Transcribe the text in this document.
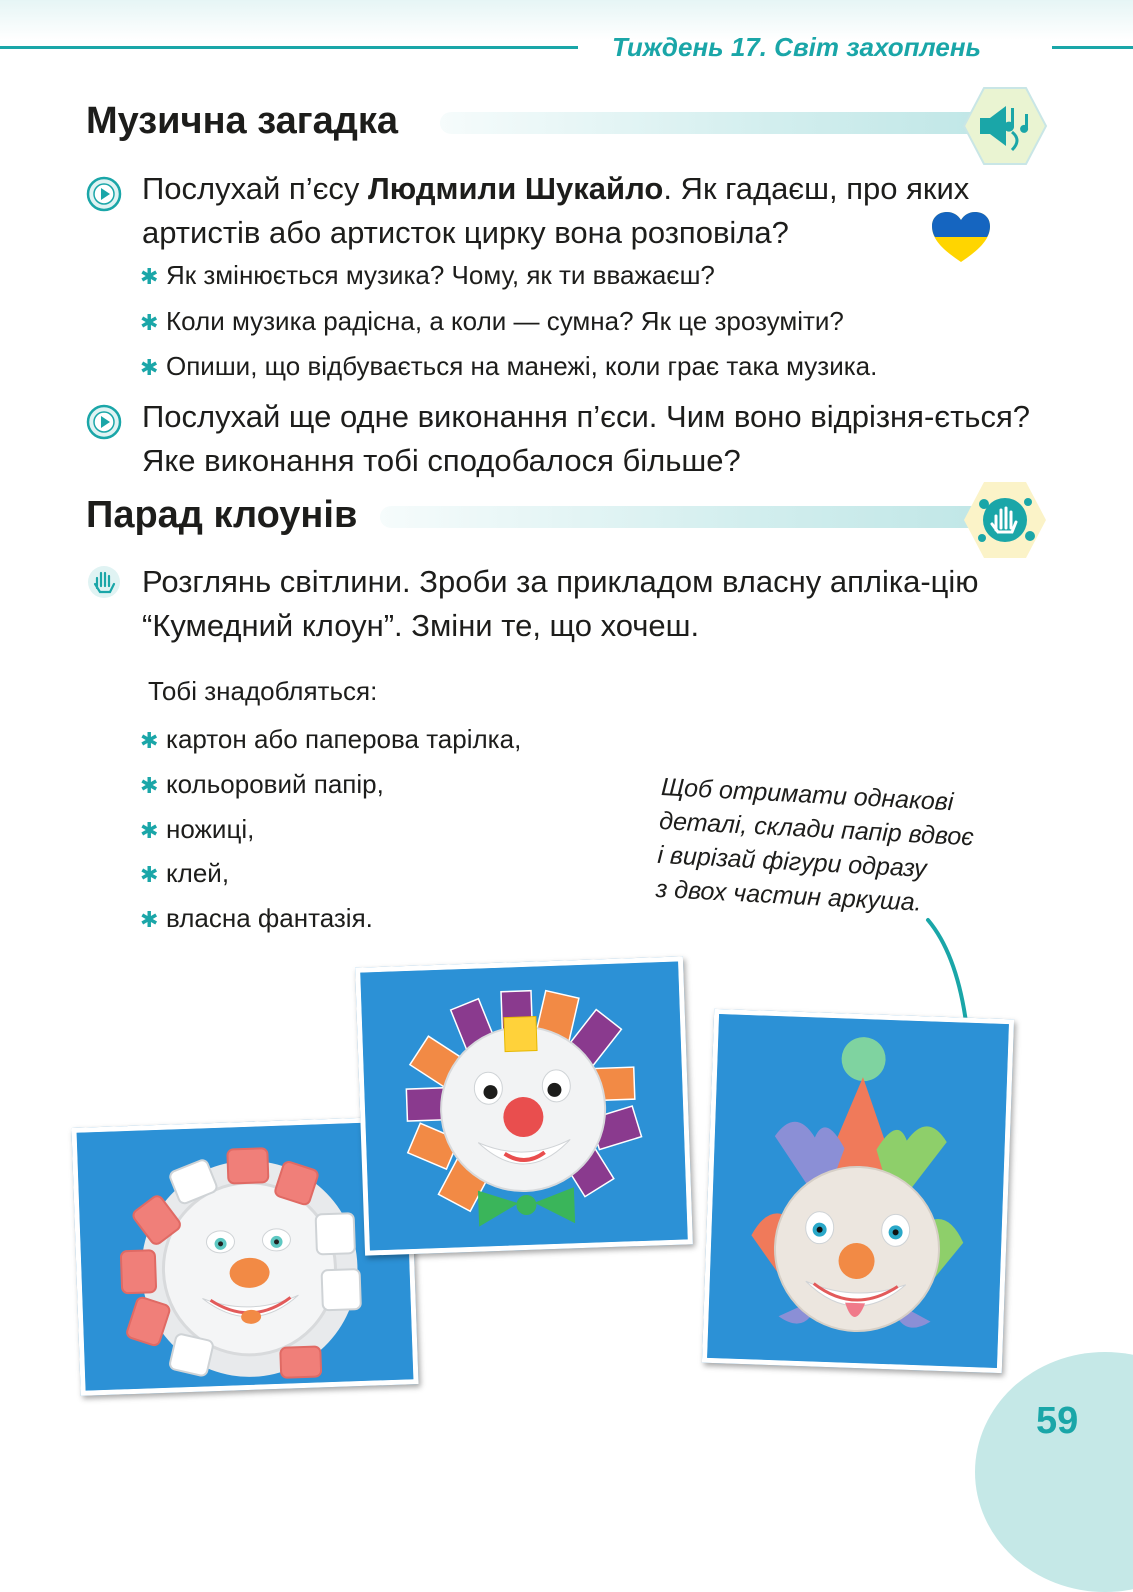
Тиждень 17. Світ захоплень
Музична загадка
Послухай п’єсу Людмили Шукайло. Як гадаєш, про яких артистів або артисток цирку вона розповіла?
✱ Як змінюється музика? Чому, як ти вважаєш?
✱ Коли музика радісна, а коли — сумна? Як це зрозуміти?
✱ Опиши, що відбувається на манежі, коли грає така музика.
Послухай ще одне виконання п’єси. Чим воно відрізня-ється? Яке виконання тобі сподобалося більше?
Парад клоунів
Розглянь світлини. Зроби за прикладом власну апліка-цію “Кумедний клоун”. Зміни те, що хочеш.
Тобі знадобляться:
✱ картон або паперова тарілка,
✱ кольоровий папір,
✱ ножиці,
✱ клей,
✱ власна фантазія.
Щоб отримати однакові
деталі, склади папір вдвоє
і вирізай фігури одразу
з двох частин аркуша.
59
